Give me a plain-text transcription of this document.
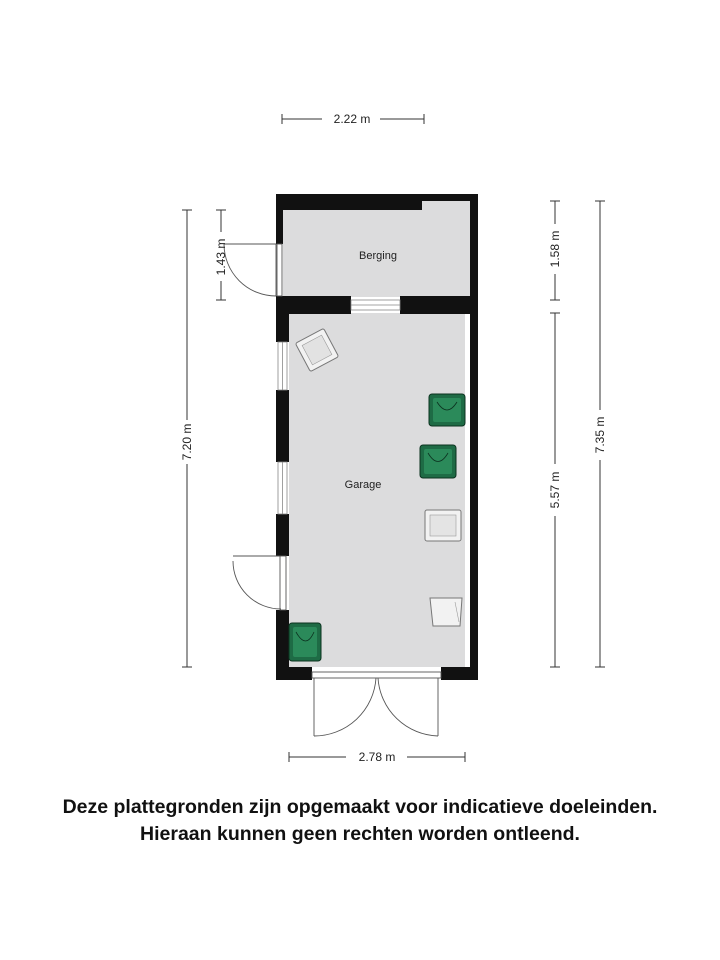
Berging
Garage
2.22 m
2.78 m
7.20 m
1.43 m	1.58 m
5.57 m
7.35 m
Deze plattegronden zijn opgemaakt voor indicatieve doeleinden.
Hieraan kunnen geen rechten worden ontleend.
